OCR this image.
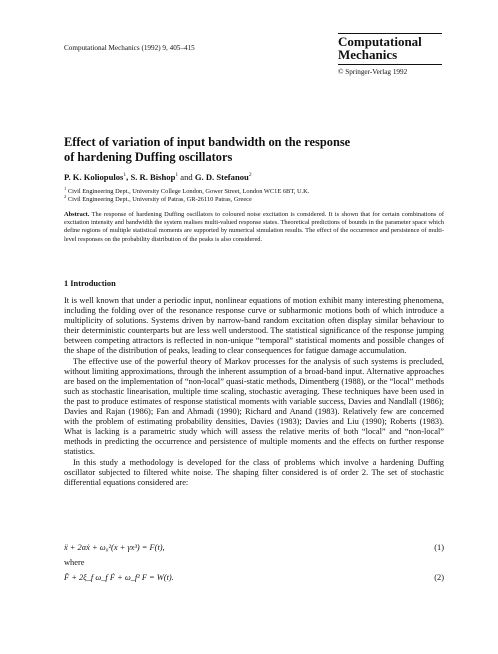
Computational Mechanics (1992) 9, 405–415	Computational
Mechanics
© Springer-Verlag 1992
Effect of variation of input bandwidth on the response
of hardening Duffing oscillators
P. K. Koliopulos$^1$, S. R. Bishop$^1$ and G. D. Stefanou$^2$
$^1$ Civil Engineering Dept., University College London, Gower Street, London WC1E 6BT, U.K.
$^2$ Civil Engineering Dept., University of Patras, GR-26110 Patras, Greece
Abstract. The response of hardening Duffing oscillators to coloured noise excitation is considered. It is shown that for certain combinations of excitation intensity and bandwidth the system realises multi-valued response states. Theoretical predictions of bounds in the parameter space which define regions of multiple statistical moments are supported by numerical simulation results. The effect of the occurrence and persistence of multi-level responses on the probability distribution of the peaks is also considered.
1 Introduction

It is well known that under a periodic input, nonlinear equations of motion exhibit many interesting phenomena, including the folding over of the resonance response curve or subharmonic motions both of which introduce a multiplicity of solutions. Systems driven by narrow-band random excitation often display similar behaviour to their deterministic counterparts but are less well understood. The statistical significance of the response jumping between competing attractors is reflected in non-unique “temporal” statistical moments and possible changes of the shape of the distribution of peaks, leading to clear consequences for fatigue damage accumulation.

The effective use of the powerful theory of Markov processes for the analysis of such systems is precluded, without limiting approximations, through the inherent assumption of a broad-band input. Alternative approaches are based on the implementation of “non-local” quasi-static methods, Dimentberg (1988), or the “local” methods such as stochastic linearisation, multiple time scaling, stochastic averaging. These techniques have been used in the past to produce estimates of response statistical moments with variable success, Davies and Nandlall (1986); Davies and Rajan (1986); Fan and Ahmadi (1990); Richard and Anand (1983). Relatively few are concerned with the problem of estimating probability densities, Davies (1983); Davies and Liu (1990); Roberts (1983). What is lacking is a parametric study which will assess the relative merits of both “local” and “non-local” methods in predicting the occurrence and persistence of multiple moments and the effects on further response statistics.

In this study a methodology is developed for the class of problems which involve a hardening Duffing oscillator subjected to filtered white noise. The shaping filter considered is of order 2. The set of stochastic differential equations considered are:

ẍ + 2αẋ + ω₀²(x + γx³) = F(t),	(1)
where
F̈ + 2ξ_f ω_f Ḟ + ω_f² F = W(t).	(2)
